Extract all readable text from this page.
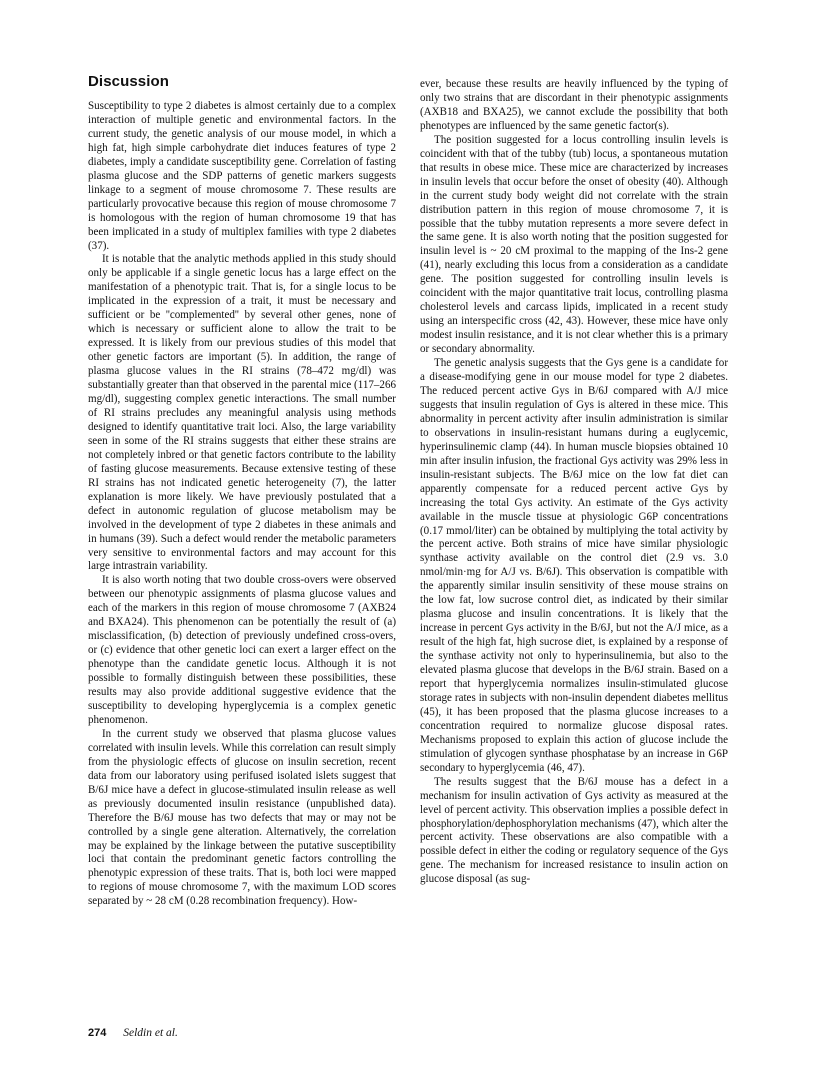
Discussion

Susceptibility to type 2 diabetes is almost certainly due to a complex interaction of multiple genetic and environmental factors. In the current study, the genetic analysis of our mouse model, in which a high fat, high simple carbohydrate diet induces features of type 2 diabetes, imply a candidate susceptibility gene. Correlation of fasting plasma glucose and the SDP patterns of genetic markers suggests linkage to a segment of mouse chromosome 7. These results are particularly provocative because this region of mouse chromosome 7 is homologous with the region of human chromosome 19 that has been implicated in a study of multiplex families with type 2 diabetes (37).

It is notable that the analytic methods applied in this study should only be applicable if a single genetic locus has a large effect on the manifestation of a phenotypic trait. That is, for a single locus to be implicated in the expression of a trait, it must be necessary and sufficient or be ''complemented'' by several other genes, none of which is necessary or sufficient alone to allow the trait to be expressed. It is likely from our previous studies of this model that other genetic factors are important (5). In addition, the range of plasma glucose values in the RI strains (78–472 mg/dl) was substantially greater than that observed in the parental mice (117–266 mg/dl), suggesting complex genetic interactions. The small number of RI strains precludes any meaningful analysis using methods designed to identify quantitative trait loci. Also, the large variability seen in some of the RI strains suggests that either these strains are not completely inbred or that genetic factors contribute to the lability of fasting glucose measurements. Because extensive testing of these RI strains has not indicated genetic heterogeneity (7), the latter explanation is more likely. We have previously postulated that a defect in autonomic regulation of glucose metabolism may be involved in the development of type 2 diabetes in these animals and in humans (39). Such a defect would render the metabolic parameters very sensitive to environmental factors and may account for this large intrastrain variability.

It is also worth noting that two double cross-overs were observed between our phenotypic assignments of plasma glucose values and each of the markers in this region of mouse chromosome 7 (AXB24 and BXA24). This phenomenon can be potentially the result of (a) misclassification, (b) detection of previously undefined cross-overs, or (c) evidence that other genetic loci can exert a larger effect on the phenotype than the candidate genetic locus. Although it is not possible to formally distinguish between these possibilities, these results may also provide additional suggestive evidence that the susceptibility to developing hyperglycemia is a complex genetic phenomenon.

In the current study we observed that plasma glucose values correlated with insulin levels. While this correlation can result simply from the physiologic effects of glucose on insulin secretion, recent data from our laboratory using perifused isolated islets suggest that B/6J mice have a defect in glucose-stimulated insulin release as well as previously documented insulin resistance (unpublished data). Therefore the B/6J mouse has two defects that may or may not be controlled by a single gene alteration. Alternatively, the correlation may be explained by the linkage between the putative susceptibility loci that contain the predominant genetic factors controlling the phenotypic expression of these traits. That is, both loci were mapped to regions of mouse chromosome 7, with the maximum LOD scores separated by ~ 28 cM (0.28 recombination frequency). How-

ever, because these results are heavily influenced by the typing of only two strains that are discordant in their phenotypic assignments (AXB18 and BXA25), we cannot exclude the possibility that both phenotypes are influenced by the same genetic factor(s).

The position suggested for a locus controlling insulin levels is coincident with that of the tubby (tub) locus, a spontaneous mutation that results in obese mice. These mice are characterized by increases in insulin levels that occur before the onset of obesity (40). Although in the current study body weight did not correlate with the strain distribution pattern in this region of mouse chromosome 7, it is possible that the tubby mutation represents a more severe defect in the same gene. It is also worth noting that the position suggested for insulin level is ~ 20 cM proximal to the mapping of the Ins-2 gene (41), nearly excluding this locus from a consideration as a candidate gene. The position suggested for controlling insulin levels is coincident with the major quantitative trait locus, controlling plasma cholesterol levels and carcass lipids, implicated in a recent study using an interspecific cross (42, 43). However, these mice have only modest insulin resistance, and it is not clear whether this is a primary or secondary abnormality.

The genetic analysis suggests that the Gys gene is a candidate for a disease-modifying gene in our mouse model for type 2 diabetes. The reduced percent active Gys in B/6J compared with A/J mice suggests that insulin regulation of Gys is altered in these mice. This abnormality in percent activity after insulin administration is similar to observations in insulin-resistant humans during a euglycemic, hyperinsulinemic clamp (44). In human muscle biopsies obtained 10 min after insulin infusion, the fractional Gys activity was 29% less in insulin-resistant subjects. The B/6J mice on the low fat diet can apparently compensate for a reduced percent active Gys by increasing the total Gys activity. An estimate of the Gys activity available in the muscle tissue at physiologic G6P concentrations (0.17 mmol/liter) can be obtained by multiplying the total activity by the percent active. Both strains of mice have similar physiologic synthase activity available on the control diet (2.9 vs. 3.0 nmol/min·mg for A/J vs. B/6J). This observation is compatible with the apparently similar insulin sensitivity of these mouse strains on the low fat, low sucrose control diet, as indicated by their similar plasma glucose and insulin concentrations. It is likely that the increase in percent Gys activity in the B/6J, but not the A/J mice, as a result of the high fat, high sucrose diet, is explained by a response of the synthase activity not only to hyperinsulinemia, but also to the elevated plasma glucose that develops in the B/6J strain. Based on a report that hyperglycemia normalizes insulin-stimulated glucose storage rates in subjects with non-insulin dependent diabetes mellitus (45), it has been proposed that the plasma glucose increases to a concentration required to normalize glucose disposal rates. Mechanisms proposed to explain this action of glucose include the stimulation of glycogen synthase phosphatase by an increase in G6P secondary to hyperglycemia (46, 47).

The results suggest that the B/6J mouse has a defect in a mechanism for insulin activation of Gys activity as measured at the level of percent activity. This observation implies a possible defect in phosphorylation/dephosphorylation mechanisms (47), which alter the percent activity. These observations are also compatible with a possible defect in either the coding or regulatory sequence of the Gys gene. The mechanism for increased resistance to insulin action on glucose disposal (as sug-

274 Seldin et al.
